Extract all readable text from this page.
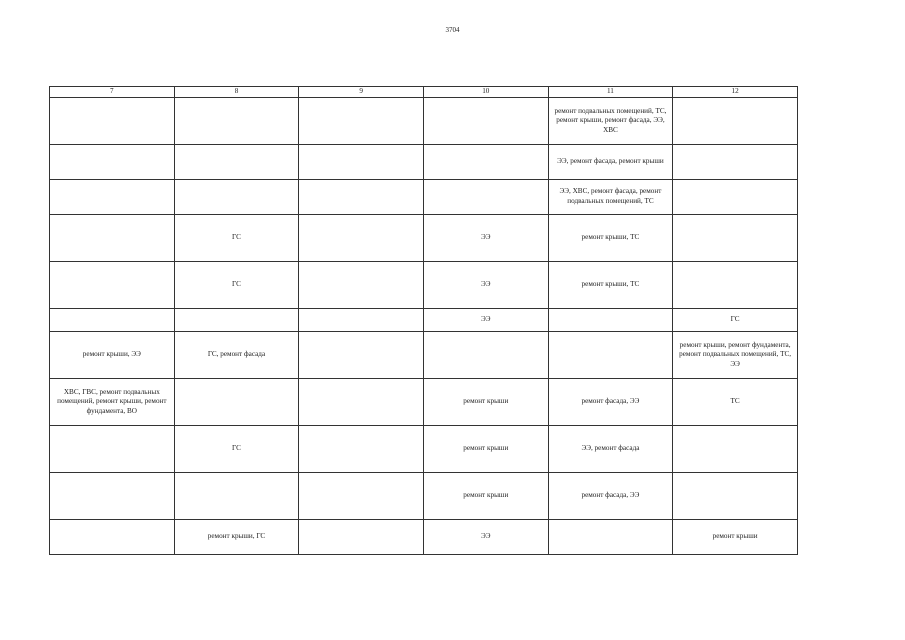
3704
7	8	9	10	11	12
				ремонт подвальных помещений, ТС, ремонт крыши, ремонт фасада, ЭЭ, ХВС	
				ЭЭ, ремонт фасада, ремонт крыши	
				ЭЭ, ХВС, ремонт фасада, ремонт подвальных помещений, ТС	
	ГС		ЭЭ	ремонт крыши, ТС	
	ГС		ЭЭ	ремонт крыши, ТС	
			ЭЭ		ГС
ремонт крыши, ЭЭ	ГС, ремонт фасада				ремонт крыши, ремонт фундамента, ремонт подвальных помещений, ТС, ЭЭ
ХВС, ГВС, ремонт подвальных помещений, ремонт крыши, ремонт фундамента, ВО			ремонт крыши	ремонт фасада, ЭЭ	ТС
	ГС		ремонт крыши	ЭЭ, ремонт фасада	
			ремонт крыши	ремонт фасада, ЭЭ	
	ремонт крыши, ГС		ЭЭ		ремонт крыши
